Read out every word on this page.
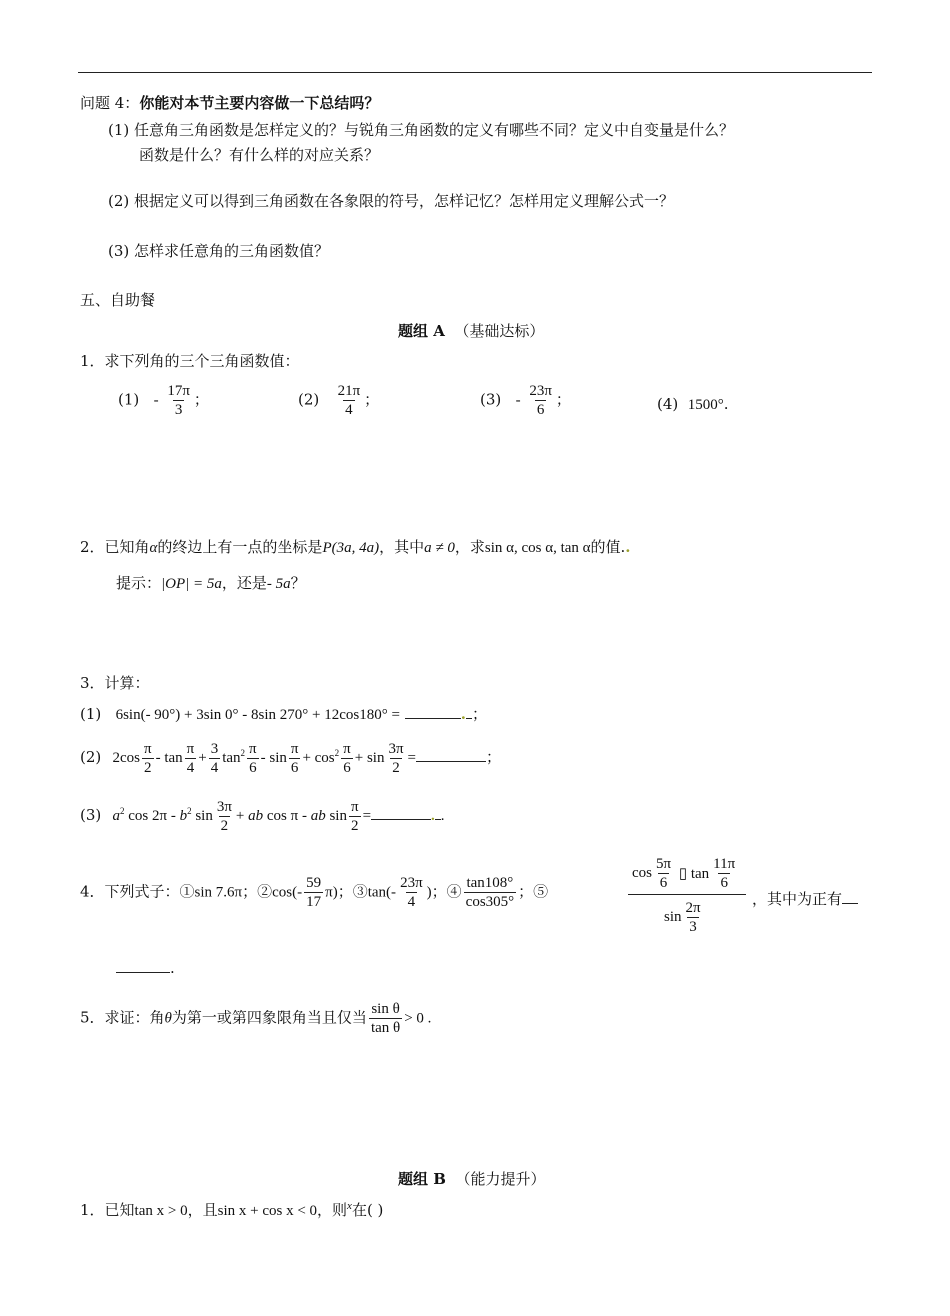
问题 4：你能对本节主要内容做一下总结吗？
(1) 任意角三角函数是怎样定义的？与锐角三角函数的定义有哪些不同？定义中自变量是什么？
函数是什么？有什么样的对应关系？
(2) 根据定义可以得到三角函数在各象限的符号，怎样记忆？怎样用定义理解公式一？
(3) 怎样求任意角的三角函数值？
五、自助餐
题组 A （基础达标）
1．求下列角的三个三角函数值：
$(1) - \frac{17\pi}{3}$ ；	$(2) \frac{21\pi}{4}$ ；	$(3) - \frac{23\pi}{6}$ ；	(4) 1500°.
2．已知角α的终边上有一点的坐标是P(3a, 4a)，其中a ≠ 0，求sin α, cos α, tan α的值..
提示：|OP| = 5a，还是- 5a？
3．计算：
(1) 6sin(- 90°) + 3sin 0° - 8sin 270° + 12cos180° =	. ；
(2)   $2\cos \frac{\pi}{2} - \tan \frac{\pi}{4} + \frac{3}{4} \tan^2 \frac{\pi}{6} - \sin \frac{\pi}{6} + \cos^2 \frac{\pi}{6} + \sin \frac{3\pi}{2}$ =	；
(3) $a^2$ $\cos 2\pi - b^2$ $\sin \frac{3\pi}{2}$ + ab cos π - ab $\sin \frac{\pi}{2}$ =	. .
4．下列式子：①sin 7.6π；②cos(- $\frac{59}{17} \pi$)；③tan(- $\frac{23\pi}{4}$ )；④ $\frac{\tan 108^\circ}{\cos 305^\circ}$ ；⑤
$\cos \frac{5\pi}{6}$ ▯ $\tan \frac{11\pi}{6}$
$\sin \frac{2\pi}{3}$	，其中为正有
.
5．求证：角θ为第一或第四象限角当且仅当 $\frac{\text{sin θ}}{\text{tan θ}} > 0$ .
题组 B （能力提升）
1．已知tan x > 0，且sin x + cos x < 0，则$^x$在( )
